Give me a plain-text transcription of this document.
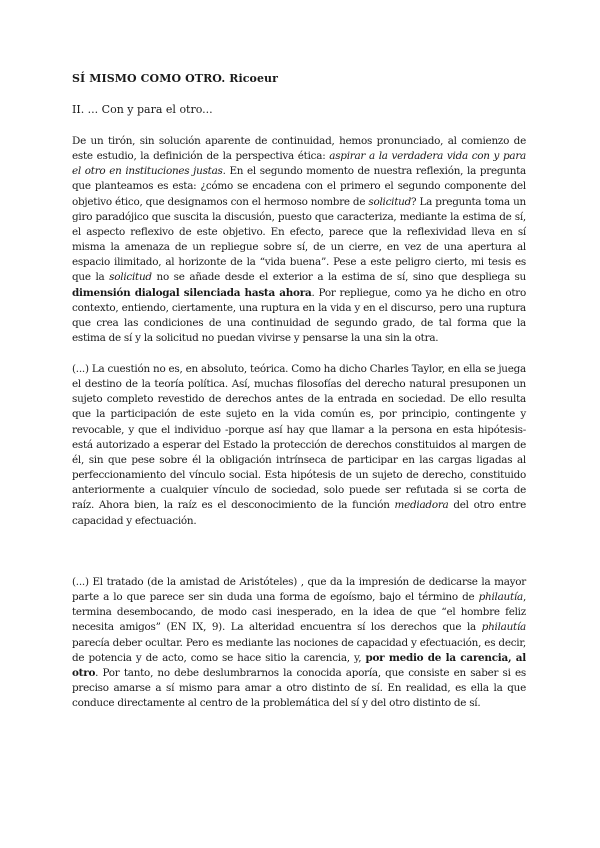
SÍ MISMO COMO OTRO. Ricoeur

II. ... Con y para el otro...

De un tirón, sin solución aparente de continuidad, hemos pronunciado, al comienzo de este estudio, la definición de la perspectiva ética: aspirar a la verdadera vida con y para el otro en instituciones justas. En el segundo momento de nuestra reflexión, la pregunta que planteamos es esta: ¿cómo se encadena con el primero el segundo componente del objetivo ético, que designamos con el hermoso nombre de solicitud? La pregunta toma un giro paradójico que suscita la discusión, puesto que caracteriza, mediante la estima de sí, el aspecto reflexivo de este objetivo. En efecto, parece que la reflexividad lleva en sí misma la amenaza de un repliegue sobre sí, de un cierre, en vez de una apertura al espacio ilimitado, al horizonte de la “vida buena”. Pese a este peligro cierto, mi tesis es que la solicitud no se añade desde el exterior a la estima de sí, sino que despliega su dimensión dialogal silenciada hasta ahora. Por repliegue, como ya he dicho en otro contexto, entiendo, ciertamente, una ruptura en la vida y en el discurso, pero una ruptura que crea las condiciones de una continuidad de segundo grado, de tal forma que la estima de sí y la solicitud no puedan vivirse y pensarse la una sin la otra.

(...) La cuestión no es, en absoluto, teórica. Como ha dicho Charles Taylor, en ella se juega el destino de la teoría política. Así, muchas filosofías del derecho natural presuponen un sujeto completo revestido de derechos antes de la entrada en sociedad. De ello resulta que la participación de este sujeto en la vida común es, por principio, contingente y revocable, y que el individuo -porque así hay que llamar a la persona en esta hipótesis- está autorizado a esperar del Estado la protección de derechos constituidos al margen de él, sin que pese sobre él la obligación intrínseca de participar en las cargas ligadas al perfeccionamiento del vínculo social. Esta hipótesis de un sujeto de derecho, constituido anteriormente a cualquier vínculo de sociedad, solo puede ser refutada si se corta de raíz. Ahora bien, la raíz es el desconocimiento de la función mediadora del otro entre capacidad y efectuación.

(...) El tratado (de la amistad de Aristóteles) , que da la impresión de dedicarse la mayor parte a lo que parece ser sin duda una forma de egoísmo, bajo el término de philautía, termina desembocando, de modo casi inesperado, en la idea de que “el hombre feliz necesita amigos” (EN IX, 9). La alteridad encuentra sí los derechos que la philautía parecía deber ocultar. Pero es mediante las nociones de capacidad y efectuación, es decir, de potencia y de acto, como se hace sitio la carencia, y, por medio de la carencia, al otro. Por tanto, no debe deslumbrarnos la conocida aporía, que consiste en saber si es preciso amarse a sí mismo para amar a otro distinto de sí. En realidad, es ella la que conduce directamente al centro de la problemática del sí y del otro distinto de sí.
